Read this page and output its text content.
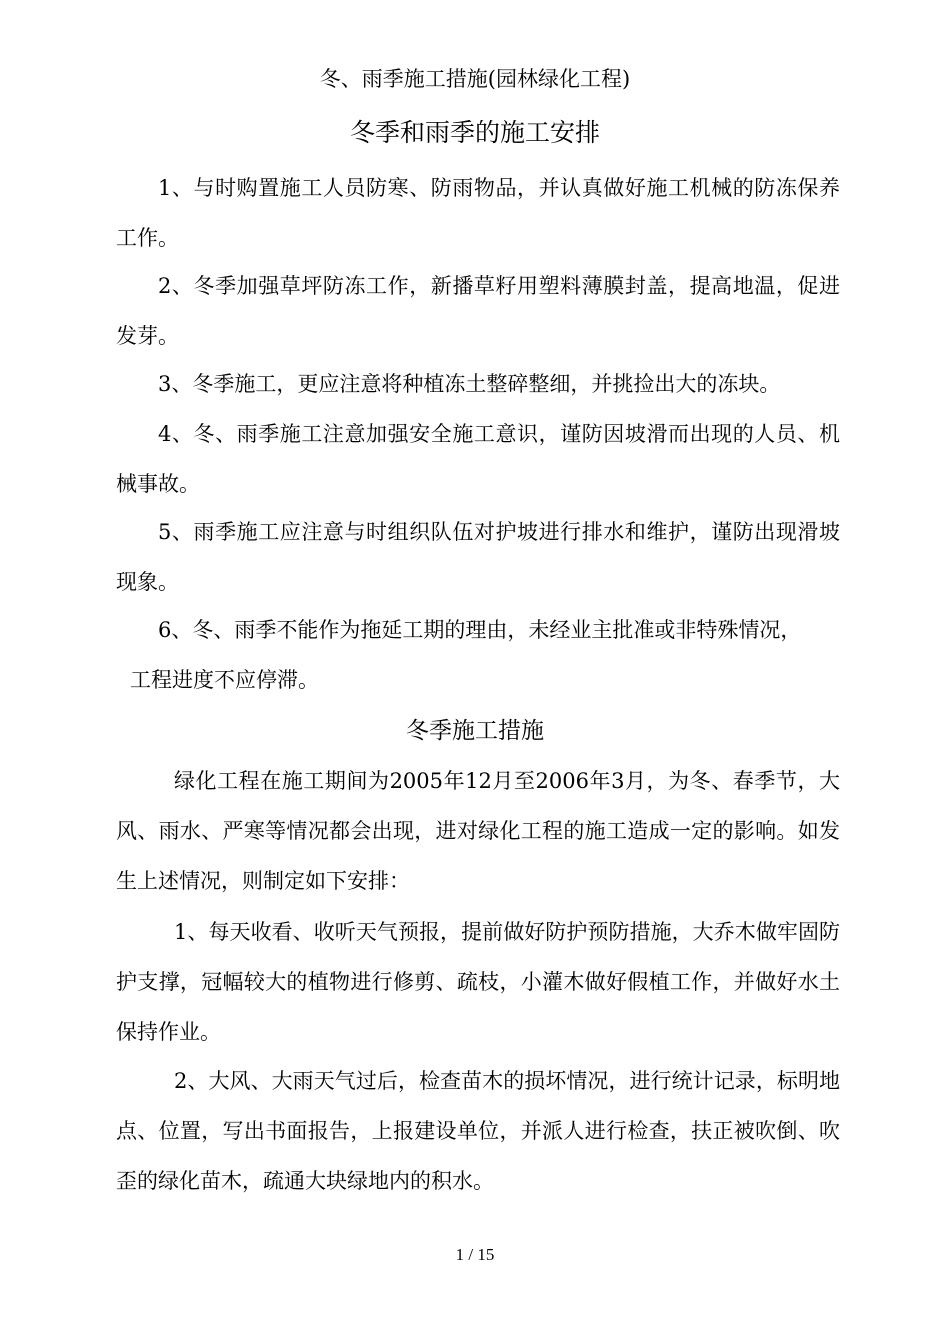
冬、雨季施工措施(园林绿化工程)
冬季和雨季的施工安排

1、与时购置施工人员防寒、防雨物品，并认真做好施工机械的防冻保养工作。

2、冬季加强草坪防冻工作，新播草籽用塑料薄膜封盖，提高地温，促进发芽。

3、冬季施工，更应注意将种植冻土整碎整细，并挑捡出大的冻块。

4、冬、雨季施工注意加强安全施工意识，谨防因坡滑而出现的人员、机械事故。

5、雨季施工应注意与时组织队伍对护坡进行排水和维护，谨防出现滑坡现象。

6、冬、雨季不能作为拖延工期的理由，未经业主批准或非特殊情况，
工程进度不应停滞。
冬季施工措施

绿化工程在施工期间为2005年12月至2006年3月，为冬、春季节，大风、雨水、严寒等情况都会出现，进对绿化工程的施工造成一定的影响。如发生上述情况，则制定如下安排：

1、每天收看、收听天气预报，提前做好防护预防措施，大乔木做牢固防护支撑，冠幅较大的植物进行修剪、疏枝，小灌木做好假植工作，并做好水土保持作业。

2、大风、大雨天气过后，检查苗木的损坏情况，进行统计记录，标明地点、位置，写出书面报告，上报建设单位，并派人进行检查，扶正被吹倒、吹歪的绿化苗木，疏通大块绿地内的积水。

1 / 15
